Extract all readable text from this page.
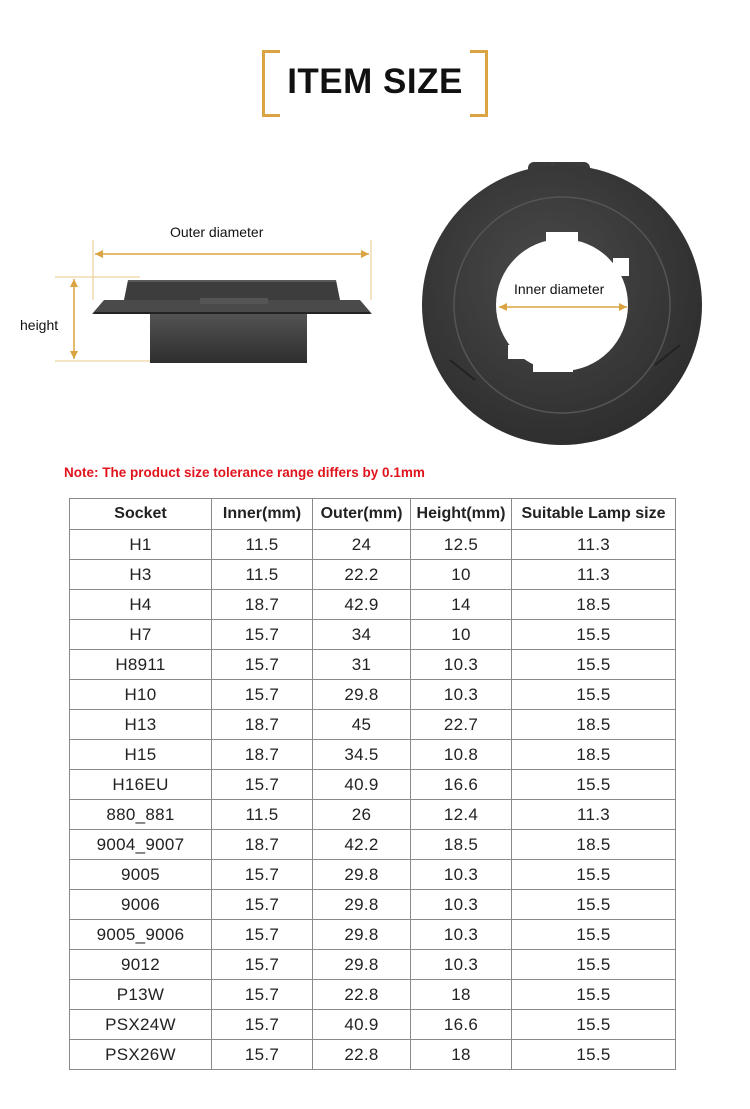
ITEM SIZE
Outer diameter
height
Inner diameter
Note: The product size tolerance range differs by 0.1mm
Socket	Inner(mm)	Outer(mm)	Height(mm)	Suitable Lamp size
H1	11.5	24	12.5	11.3
H3	11.5	22.2	10	11.3
H4	18.7	42.9	14	18.5
H7	15.7	34	10	15.5
H8911	15.7	31	10.3	15.5
H10	15.7	29.8	10.3	15.5
H13	18.7	45	22.7	18.5
H15	18.7	34.5	10.8	18.5
H16EU	15.7	40.9	16.6	15.5
880_881	11.5	26	12.4	11.3
9004_9007	18.7	42.2	18.5	18.5
9005	15.7	29.8	10.3	15.5
9006	15.7	29.8	10.3	15.5
9005_9006	15.7	29.8	10.3	15.5
9012	15.7	29.8	10.3	15.5
P13W	15.7	22.8	18	15.5
PSX24W	15.7	40.9	16.6	15.5
PSX26W	15.7	22.8	18	15.5
